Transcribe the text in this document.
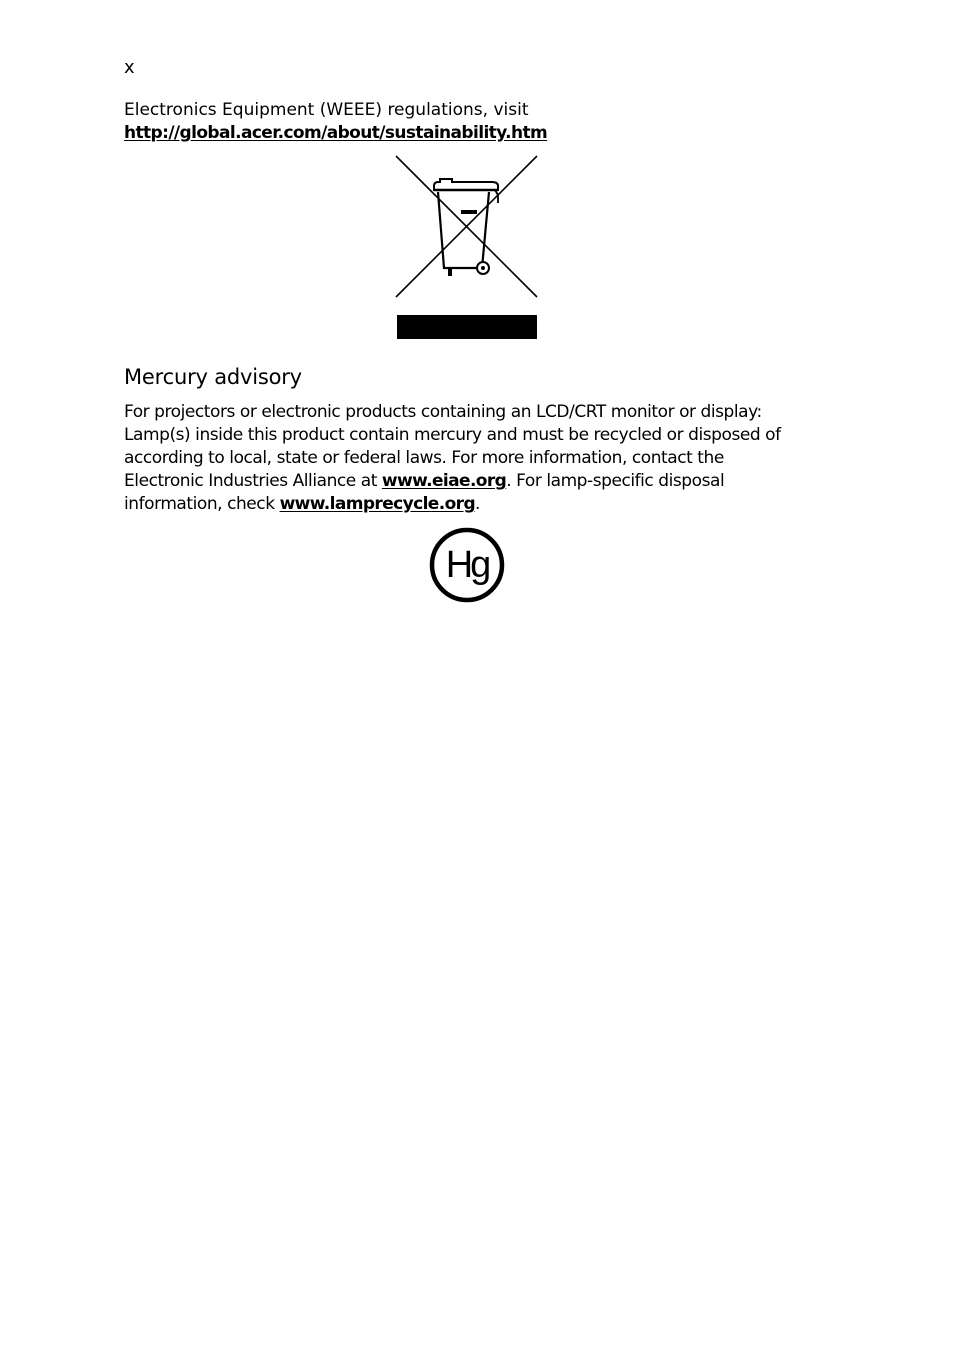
x
Electronics Equipment (WEEE) regulations, visit
http://global.acer.com/about/sustainability.htm
Mercury advisory
For projectors or electronic products containing an LCD/CRT monitor or display:
Lamp(s) inside this product contain mercury and must be recycled or disposed of
according to local, state or federal laws. For more information, contact the
Electronic Industries Alliance at www.eiae.org. For lamp-specific disposal
information, check www.lamprecycle.org.
Hg
